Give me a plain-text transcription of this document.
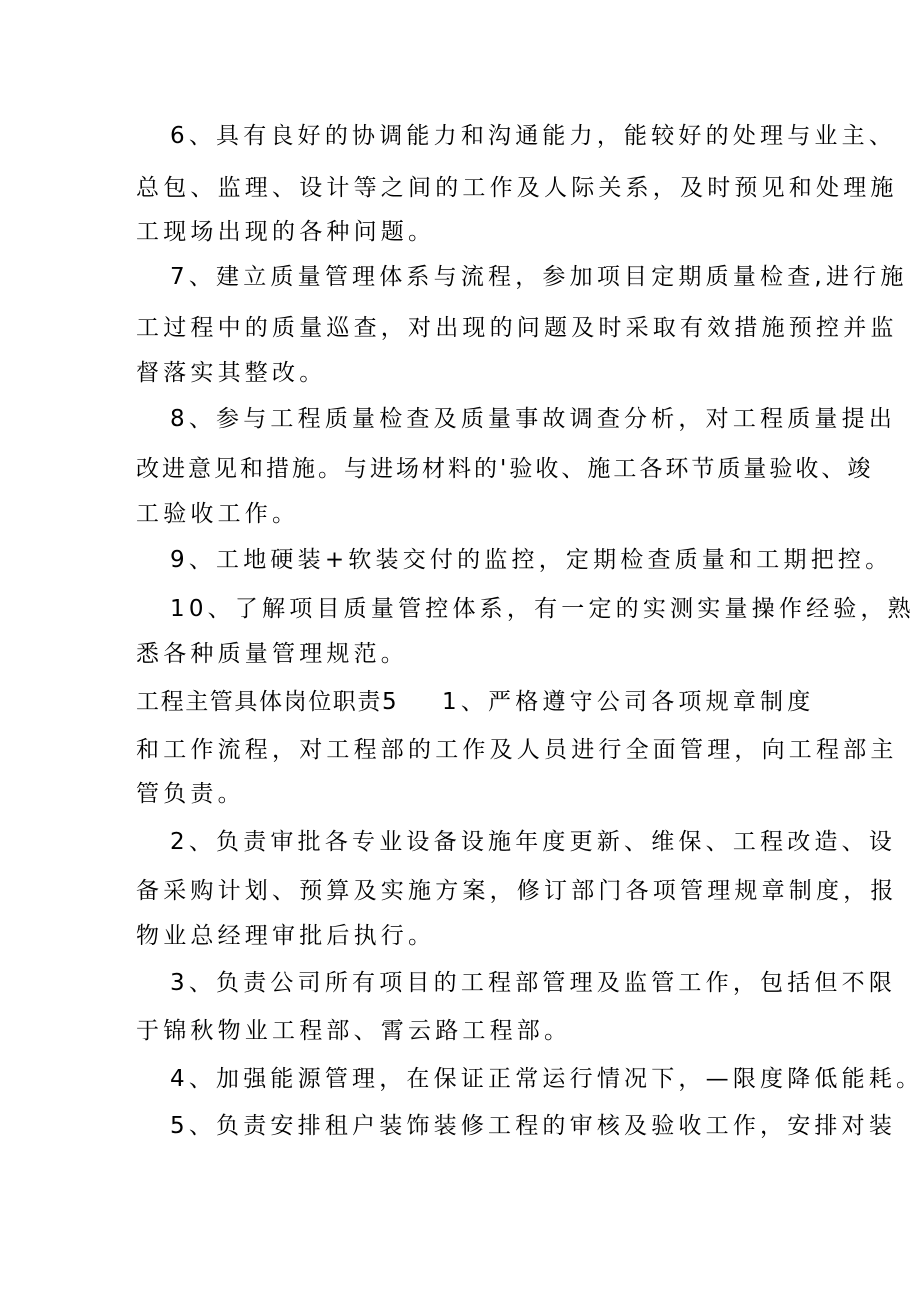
6、具有良好的协调能力和沟通能力，能较好的处理与业主、
总包、监理、设计等之间的工作及人际关系，及时预见和处理施
工现场出现的各种问题。
7、建立质量管理体系与流程，参加项目定期质量检查,进行施
工过程中的质量巡查，对出现的问题及时采取有效措施预控并监
督落实其整改。
8、参与工程质量检查及质量事故调查分析，对工程质量提出
改进意见和措施。与进场材料的'验收、施工各环节质量验收、竣
工验收工作。
9、工地硬装+软装交付的监控，定期检查质量和工期把控。
10、了解项目质量管控体系，有一定的实测实量操作经验，熟
悉各种质量管理规范。
工程主管具体岗位职责5 1、严格遵守公司各项规章制度
和工作流程，对工程部的工作及人员进行全面管理，向工程部主
管负责。
2、负责审批各专业设备设施年度更新、维保、工程改造、设
备采购计划、预算及实施方案，修订部门各项管理规章制度，报
物业总经理审批后执行。
3、负责公司所有项目的工程部管理及监管工作，包括但不限
于锦秋物业工程部、霄云路工程部。
4、加强能源管理，在保证正常运行情况下，—限度降低能耗。
5、负责安排租户装饰装修工程的审核及验收工作，安排对装
